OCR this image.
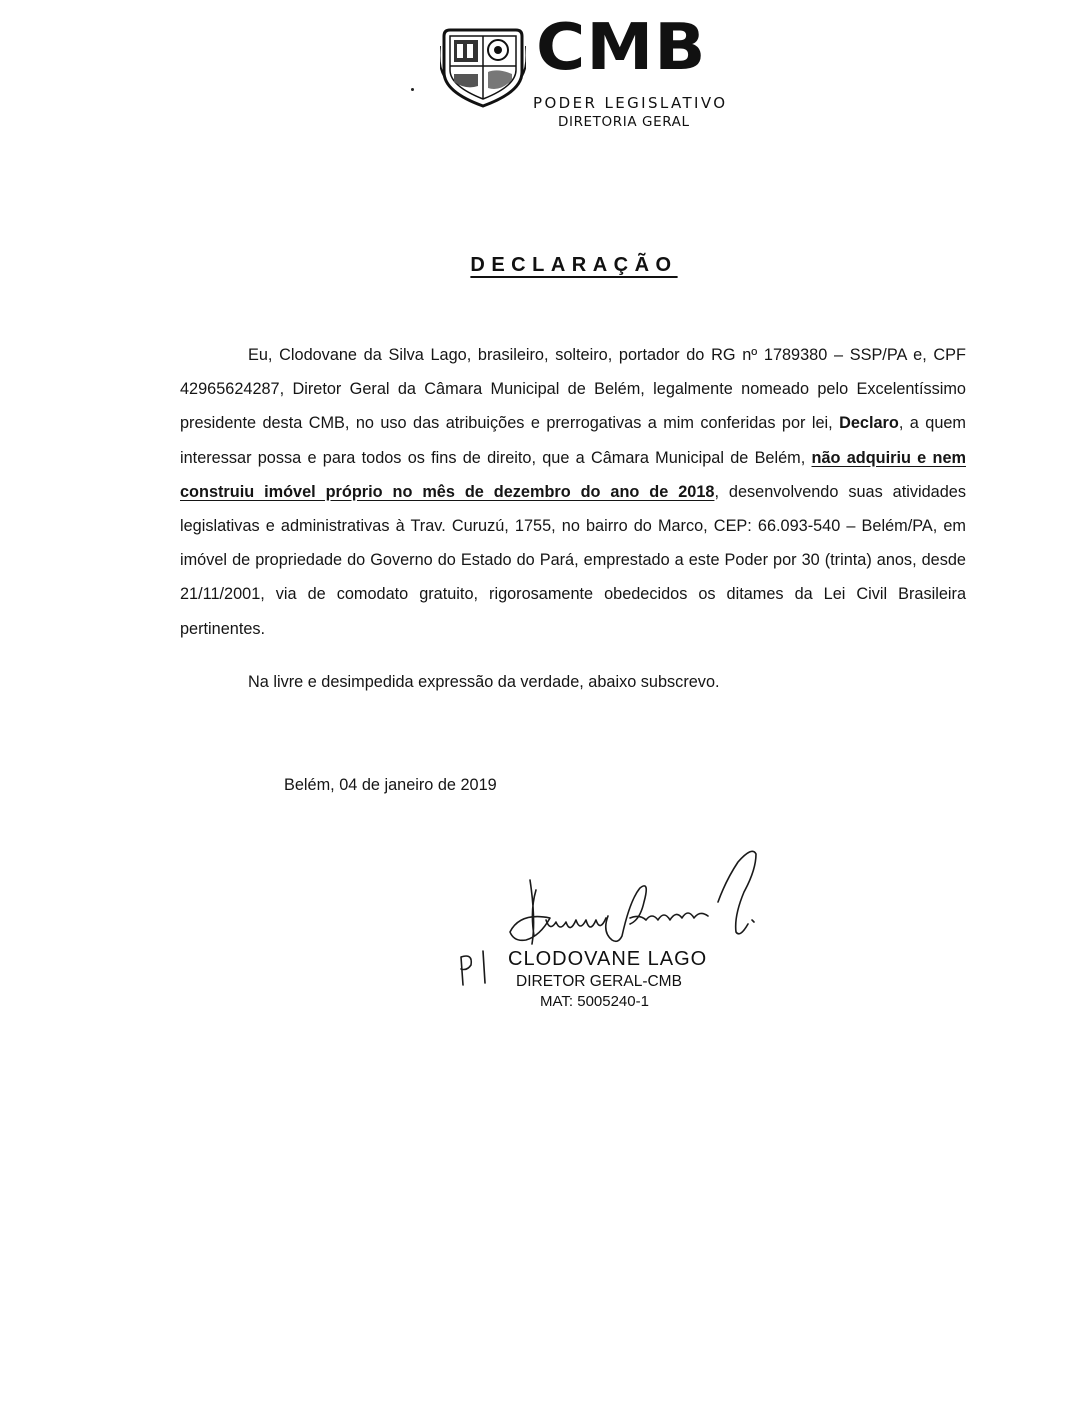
CMB
PODER LEGISLATIVO
DIRETORIA GERAL
DECLARAÇÃO

Eu, Clodovane da Silva Lago, brasileiro, solteiro, portador do RG nº 1789380 – SSP/PA e, CPF 42965624287, Diretor Geral da Câmara Municipal de Belém, legalmente nomeado pelo Excelentíssimo presidente desta CMB, no uso das atribuições e prerrogativas a mim conferidas por lei, Declaro, a quem interessar possa e para todos os fins de direito, que a Câmara Municipal de Belém, não adquiriu e nem construiu imóvel próprio no mês de dezembro do ano de 2018, desenvolvendo suas atividades legislativas e administrativas à Trav. Curuzú, 1755, no bairro do Marco, CEP: 66.093-540 – Belém/PA, em imóvel de propriedade do Governo do Estado do Pará, emprestado a este Poder por 30 (trinta) anos, desde 21/11/2001, via de comodato gratuito, rigorosamente obedecidos os ditames da Lei Civil Brasileira pertinentes.

Na livre e desimpedida expressão da verdade, abaixo subscrevo.
Belém, 04 de janeiro de 2019
CLODOVANE LAGO
DIRETOR GERAL-CMB
MAT: 5005240-1
